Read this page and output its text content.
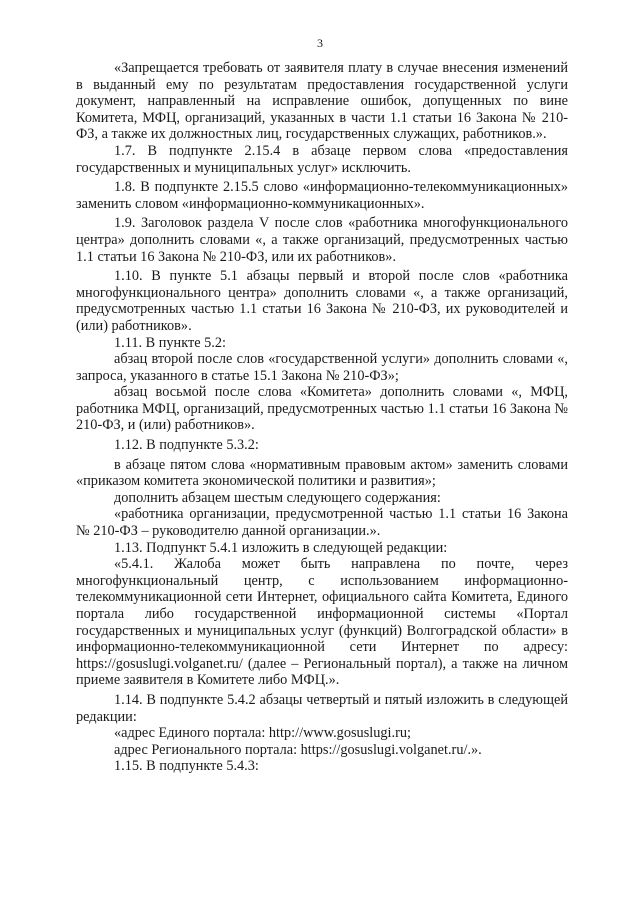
3

«Запрещается требовать от заявителя плату в случае внесения изменений в выданный ему по результатам предоставления государственной услуги документ, направленный на исправление ошибок, допущенных по вине Комитета, МФЦ, организаций, указанных в части 1.1 статьи 16 Закона № 210-ФЗ, а также их должностных лиц, государственных служащих, работников.».

1.7. В подпункте 2.15.4 в абзаце первом слова «предоставления государственных и муниципальных услуг» исключить.

1.8. В подпункте 2.15.5 слово «информационно-телекоммуникационных» заменить словом «информационно-коммуникационных».

1.9. Заголовок раздела V после слов «работника многофункционального центра» дополнить словами «, а также организаций, предусмотренных частью 1.1 статьи 16 Закона № 210-ФЗ, или их работников».

1.10. В пункте 5.1 абзацы первый и второй после слов «работника многофункционального центра» дополнить словами «, а также организаций, предусмотренных частью 1.1 статьи 16 Закона № 210-ФЗ, их руководителей и (или) работников».

1.11. В пункте 5.2:

абзац второй после слов «государственной услуги» дополнить словами «, запроса, указанного в статье 15.1 Закона № 210-ФЗ»;

абзац восьмой после слова «Комитета» дополнить словами «, МФЦ, работника МФЦ, организаций, предусмотренных частью 1.1 статьи 16 Закона № 210-ФЗ, и (или) работников».

1.12. В подпункте 5.3.2:

в абзаце пятом слова «нормативным правовым актом» заменить словами «приказом комитета экономической политики и развития»;

дополнить абзацем шестым следующего содержания:

«работника организации, предусмотренной частью 1.1 статьи 16 Закона № 210-ФЗ – руководителю данной организации.».

1.13. Подпункт 5.4.1 изложить в следующей редакции:

«5.4.1. Жалоба может быть направлена по почте, через многофункциональный центр, с использованием информационно-телекоммуникационной сети Интернет, официального сайта Комитета, Единого портала либо государственной информационной системы «Портал государственных и муниципальных услуг (функций) Волгоградской области» в информационно-телекоммуникационной сети Интернет по адресу: https://gosuslugi.volganet.ru/ (далее – Региональный портал), а также на личном приеме заявителя в Комитете либо МФЦ.».

1.14. В подпункте 5.4.2 абзацы четвертый и пятый изложить в следующей редакции:

«адрес Единого портала: http://www.gosuslugi.ru;

адрес Регионального портала: https://gosuslugi.volganet.ru/.».

1.15. В подпункте 5.4.3:
